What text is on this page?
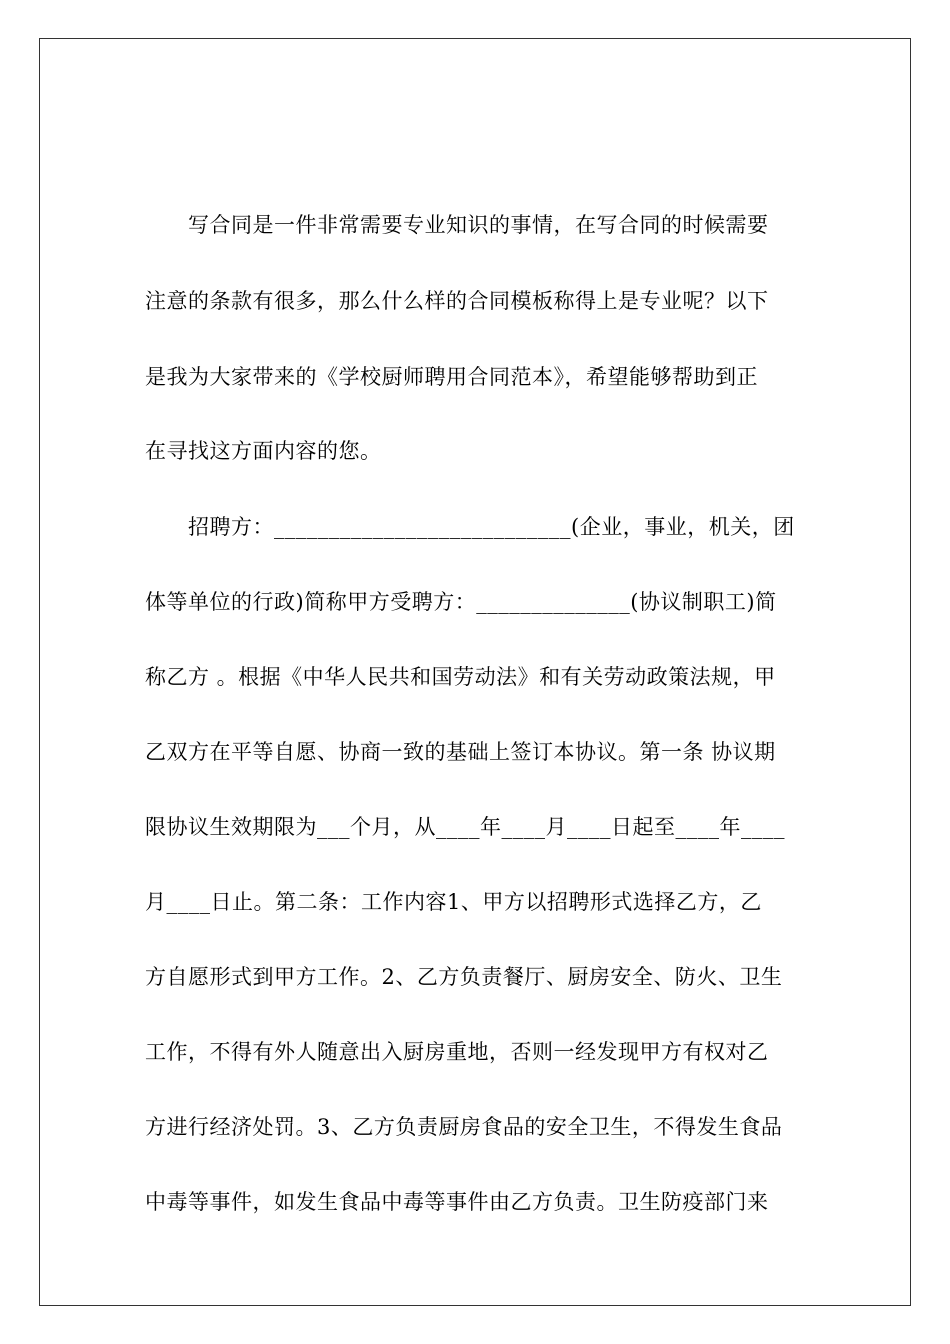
写合同是一件非常需要专业知识的事情，在写合同的时候需要

注意的条款有很多，那么什么样的合同模板称得上是专业呢？以下

是我为大家带来的《学校厨师聘用合同范本》，希望能够帮助到正

在寻找这方面内容的您。

招聘方：___________________________(企业，事业，机关，团

体等单位的行政)简称甲方受聘方：______________(协议制职工)简

称乙方 。根据《中华人民共和国劳动法》和有关劳动政策法规，甲

乙双方在平等自愿、协商一致的基础上签订本协议。第一条 协议期

限协议生效期限为___个月，从____年____月____日起至____年____

月____日止。第二条：工作内容1、甲方以招聘形式选择乙方，乙

方自愿形式到甲方工作。2、乙方负责餐厅、厨房安全、防火、卫生

工作，不得有外人随意出入厨房重地，否则一经发现甲方有权对乙

方进行经济处罚。3、乙方负责厨房食品的安全卫生，不得发生食品

中毒等事件，如发生食品中毒等事件由乙方负责。卫生防疫部门来
